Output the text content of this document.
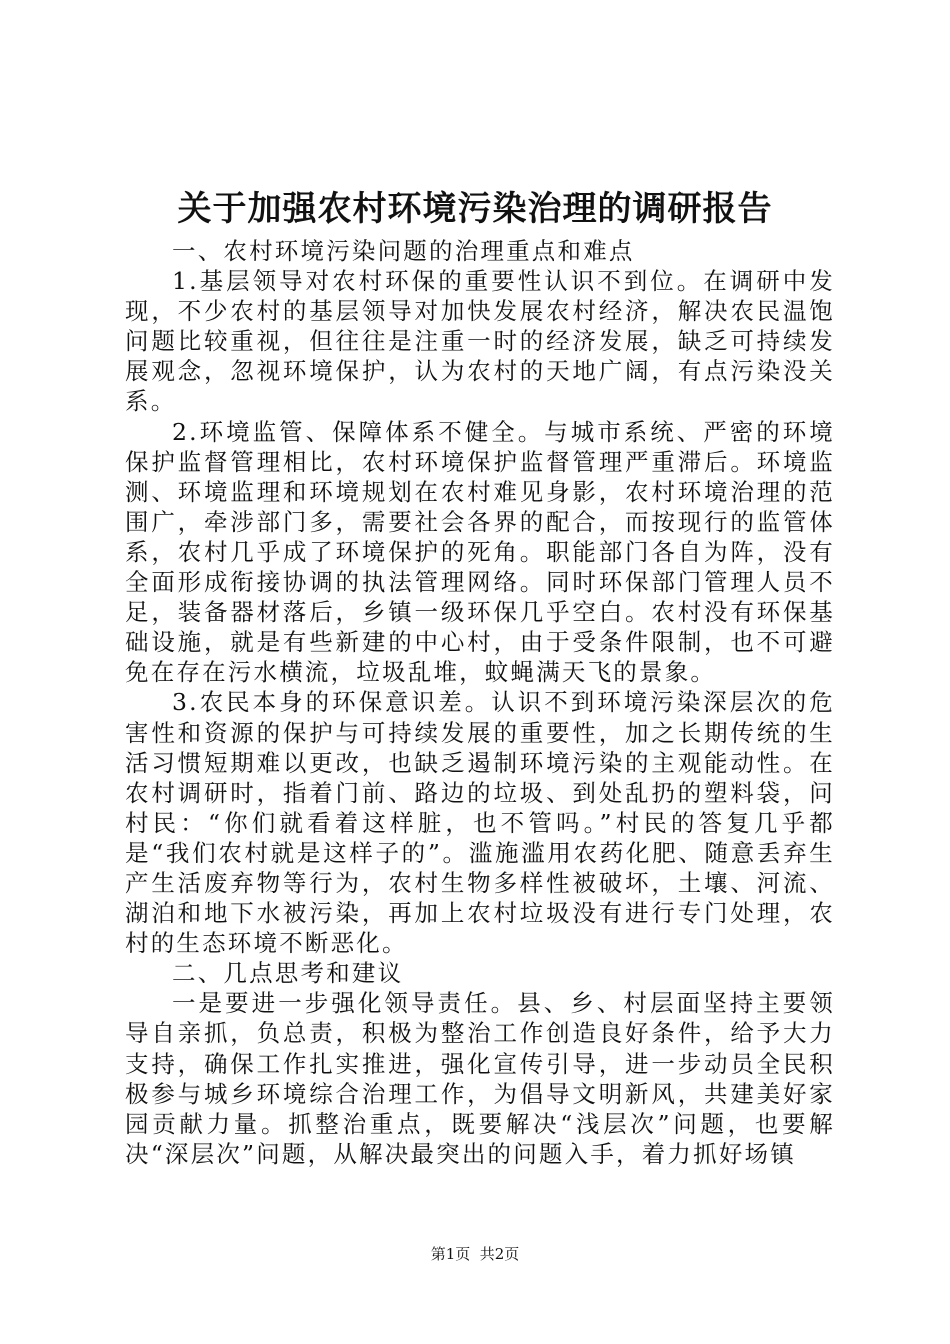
关于加强农村环境污染治理的调研报告

一、农村环境污染问题的治理重点和难点

1.基层领导对农村环保的重要性认识不到位。在调研中发现，不少农村的基层领导对加快发展农村经济，解决农民温饱问题比较重视，但往往是注重一时的经济发展，缺乏可持续发展观念，忽视环境保护，认为农村的天地广阔，有点污染没关系。

2.环境监管、保障体系不健全。与城市系统、严密的环境保护监督管理相比，农村环境保护监督管理严重滞后。环境监测、环境监理和环境规划在农村难见身影，农村环境治理的范围广，牵涉部门多，需要社会各界的配合，而按现行的监管体系，农村几乎成了环境保护的死角。职能部门各自为阵，没有全面形成衔接协调的执法管理网络。同时环保部门管理人员不足，装备器材落后，乡镇一级环保几乎空白。农村没有环保基础设施，就是有些新建的中心村，由于受条件限制，也不可避免在存在污水横流，垃圾乱堆，蚊蝇满天飞的景象。

3.农民本身的环保意识差。认识不到环境污染深层次的危害性和资源的保护与可持续发展的重要性，加之长期传统的生活习惯短期难以更改，也缺乏遏制环境污染的主观能动性。在农村调研时，指着门前、路边的垃圾、到处乱扔的塑料袋，问村民：“你们就看着这样脏，也不管吗。”村民的答复几乎都是“我们农村就是这样子的”。滥施滥用农药化肥、随意丢弃生产生活废弃物等行为，农村生物多样性被破坏，土壤、河流、湖泊和地下水被污染，再加上农村垃圾没有进行专门处理，农村的生态环境不断恶化。

二、几点思考和建议

一是要进一步强化领导责任。县、乡、村层面坚持主要领导自亲抓，负总责，积极为整治工作创造良好条件，给予大力支持，确保工作扎实推进，强化宣传引导，进一步动员全民积极参与城乡环境综合治理工作，为倡导文明新风，共建美好家园贡献力量。抓整治重点，既要解决“浅层次”问题，也要解决“深层次”问题，从解决最突出的问题入手，着力抓好场镇

第1页  共2页
